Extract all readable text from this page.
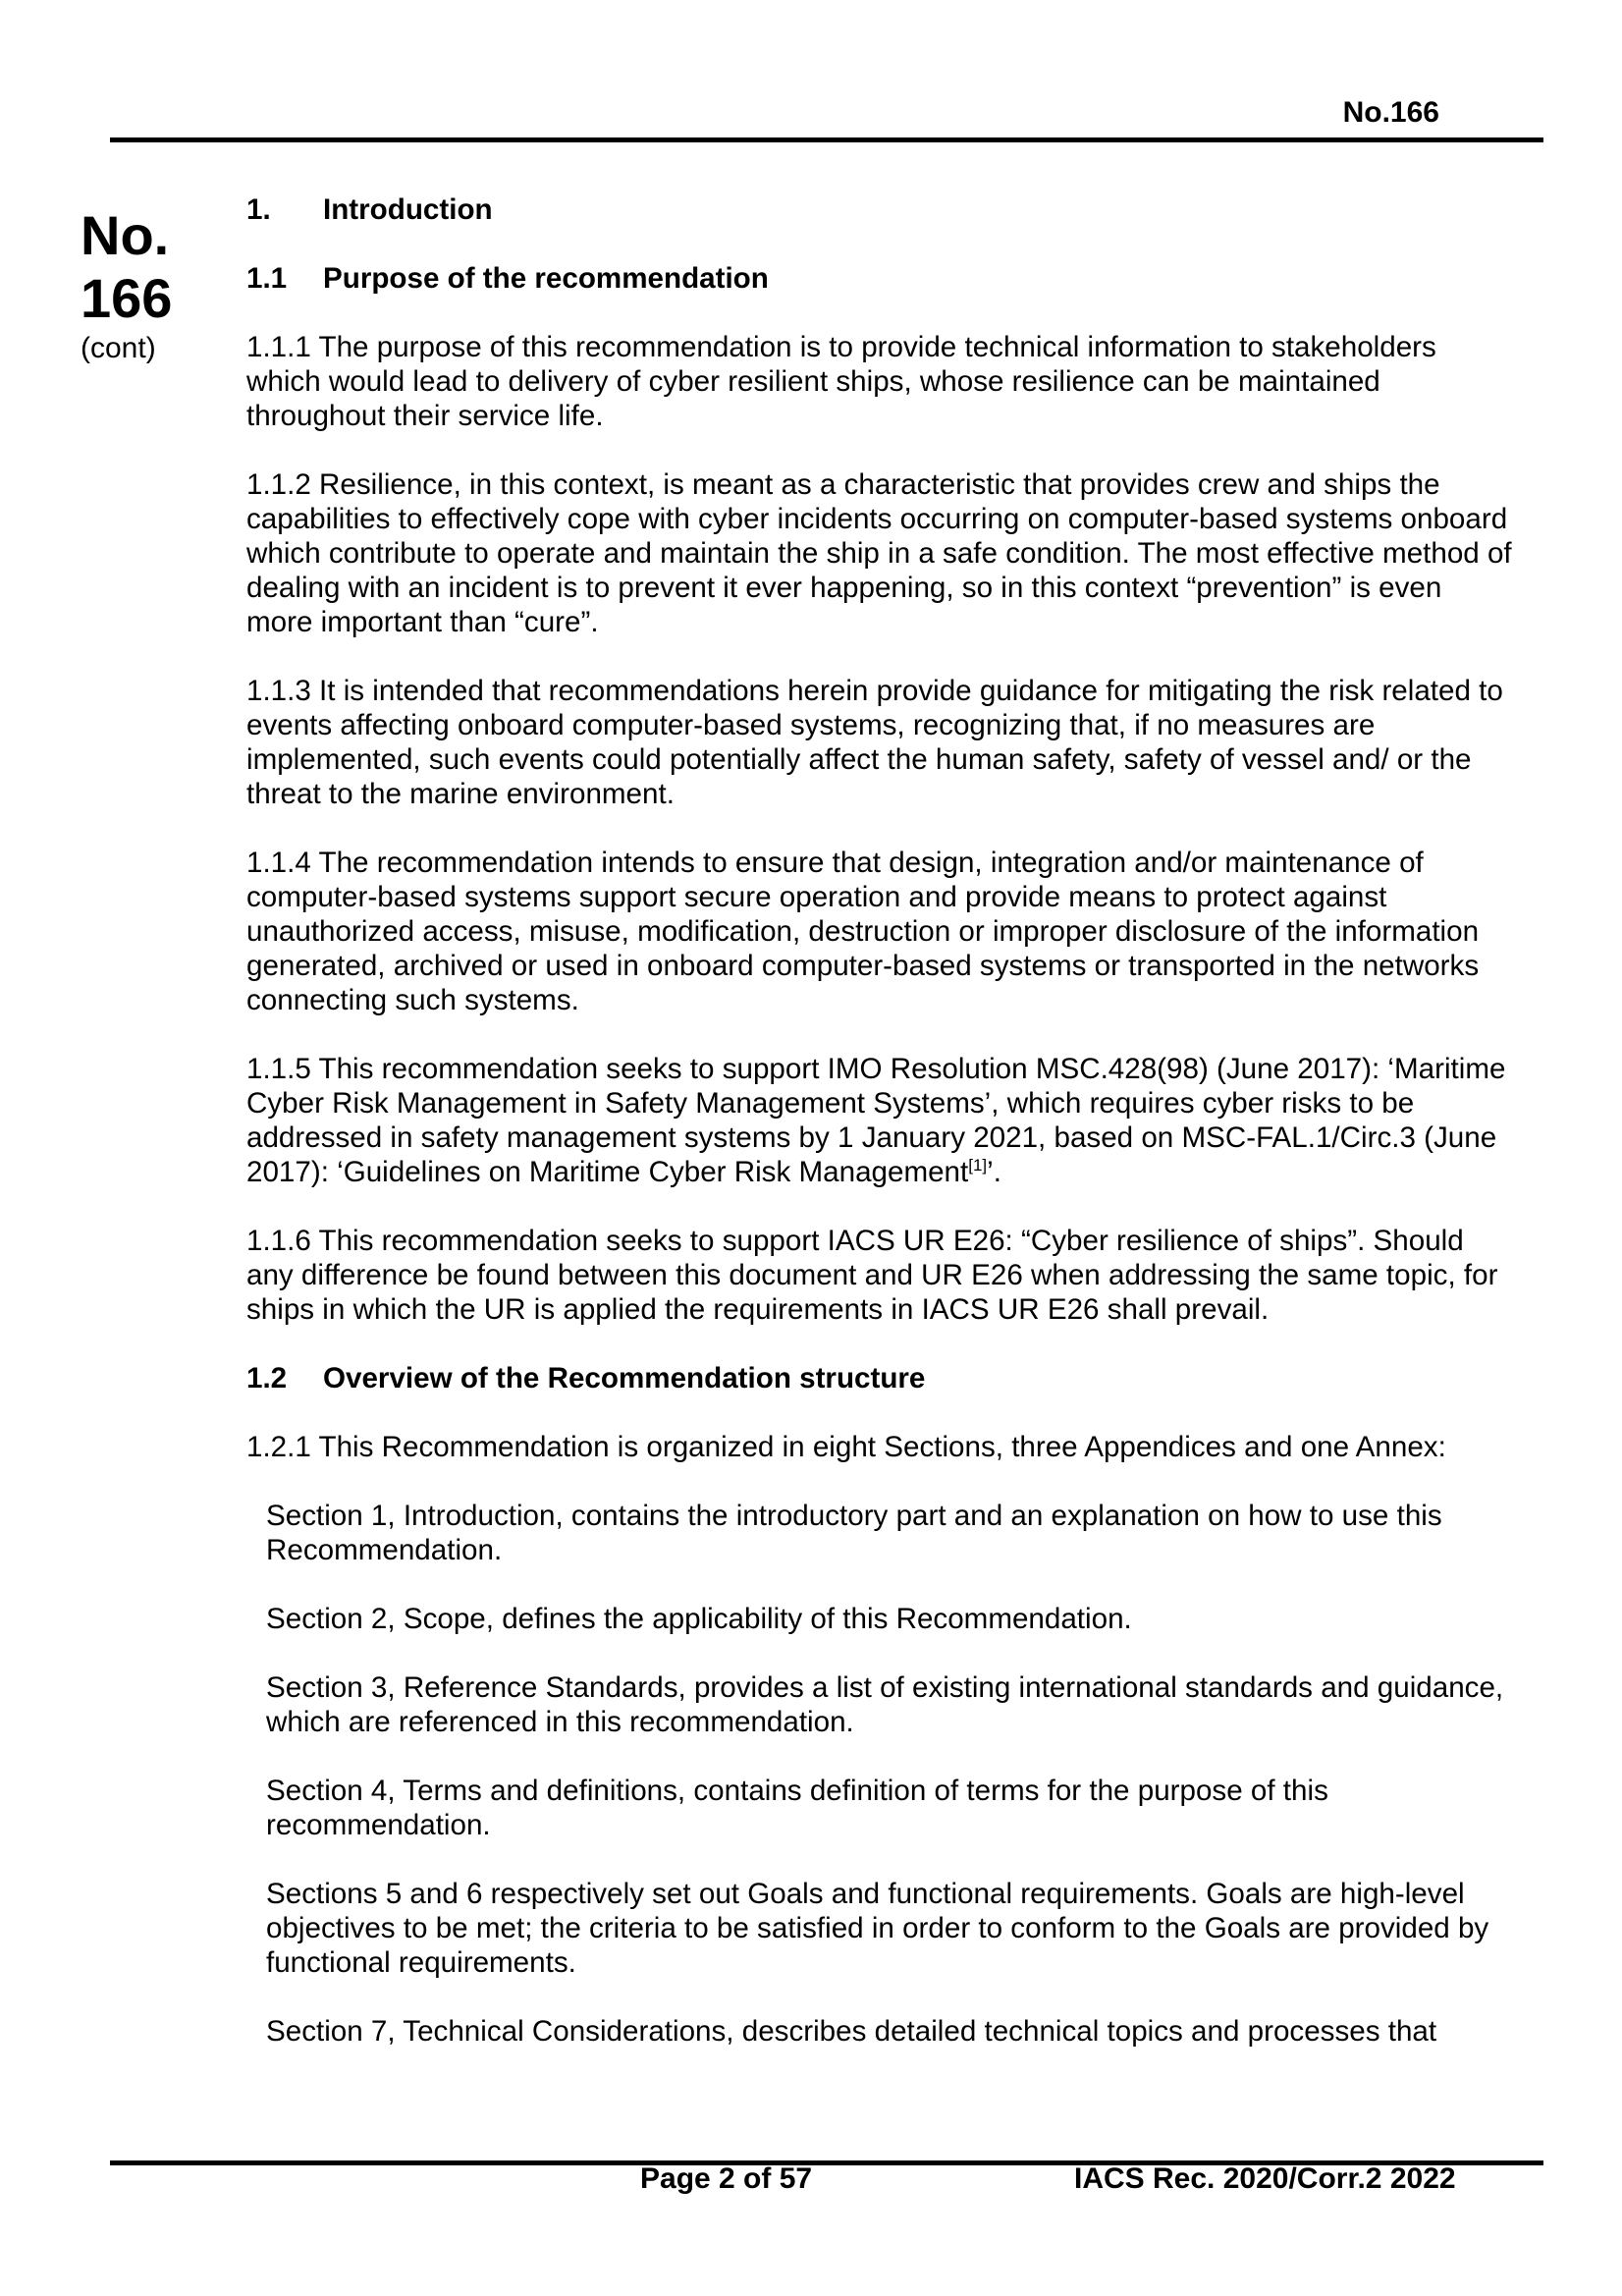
No.166
No.
166
(cont)

1. Introduction

1.1 Purpose of the recommendation

1.1.1 The purpose of this recommendation is to provide technical information to stakeholders which would lead to delivery of cyber resilient ships, whose resilience can be maintained throughout their service life.

1.1.2 Resilience, in this context, is meant as a characteristic that provides crew and ships the capabilities to effectively cope with cyber incidents occurring on computer-based systems onboard which contribute to operate and maintain the ship in a safe condition. The most effective method of dealing with an incident is to prevent it ever happening, so in this context “prevention” is even more important than “cure”.

1.1.3 It is intended that recommendations herein provide guidance for mitigating the risk related to events affecting onboard computer-based systems, recognizing that, if no measures are implemented, such events could potentially affect the human safety, safety of vessel and/ or the threat to the marine environment.

1.1.4 The recommendation intends to ensure that design, integration and/or maintenance of computer-based systems support secure operation and provide means to protect against unauthorized access, misuse, modification, destruction or improper disclosure of the information generated, archived or used in onboard computer-based systems or transported in the networks connecting such systems.

1.1.5 This recommendation seeks to support IMO Resolution MSC.428(98) (June 2017): ‘Maritime Cyber Risk Management in Safety Management Systems’, which requires cyber risks to be addressed in safety management systems by 1 January 2021, based on MSC-FAL.1/Circ.3 (June 2017): ‘Guidelines on Maritime Cyber Risk Management[1]’.

1.1.6 This recommendation seeks to support IACS UR E26: “Cyber resilience of ships”. Should any difference be found between this document and UR E26 when addressing the same topic, for ships in which the UR is applied the requirements in IACS UR E26 shall prevail.

1.2 Overview of the Recommendation structure

1.2.1 This Recommendation is organized in eight Sections, three Appendices and one Annex:

Section 1, Introduction, contains the introductory part and an explanation on how to use this Recommendation.

Section 2, Scope, defines the applicability of this Recommendation.

Section 3, Reference Standards, provides a list of existing international standards and guidance, which are referenced in this recommendation.

Section 4, Terms and definitions, contains definition of terms for the purpose of this recommendation.

Sections 5 and 6 respectively set out Goals and functional requirements. Goals are high-level objectives to be met; the criteria to be satisfied in order to conform to the Goals are provided by functional requirements.

Section 7, Technical Considerations, describes detailed technical topics and processes that

Page 2 of 57	IACS Rec. 2020/Corr.2 2022
